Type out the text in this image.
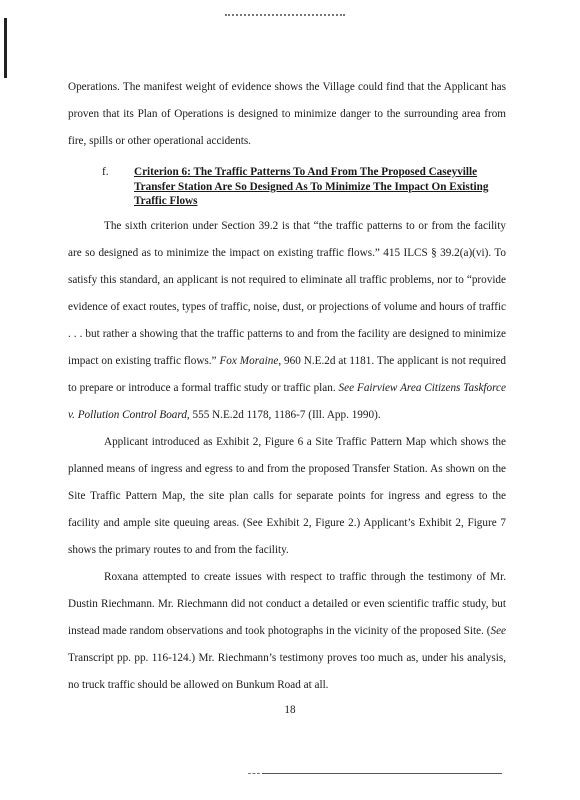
Operations. The manifest weight of evidence shows the Village could find that the Applicant has proven that its Plan of Operations is designed to minimize danger to the surrounding area from fire, spills or other operational accidents.

f. Criterion 6: The Traffic Patterns To And From The Proposed Caseyville Transfer Station Are So Designed As To Minimize The Impact On Existing Traffic Flows

The sixth criterion under Section 39.2 is that “the traffic patterns to or from the facility are so designed as to minimize the impact on existing traffic flows.” 415 ILCS § 39.2(a)(vi). To satisfy this standard, an applicant is not required to eliminate all traffic problems, nor to “provide evidence of exact routes, types of traffic, noise, dust, or projections of volume and hours of traffic . . . but rather a showing that the traffic patterns to and from the facility are designed to minimize impact on existing traffic flows.” Fox Moraine, 960 N.E.2d at 1181. The applicant is not required to prepare or introduce a formal traffic study or traffic plan. See Fairview Area Citizens Taskforce v. Pollution Control Board, 555 N.E.2d 1178, 1186-7 (Ill. App. 1990).

Applicant introduced as Exhibit 2, Figure 6 a Site Traffic Pattern Map which shows the planned means of ingress and egress to and from the proposed Transfer Station. As shown on the Site Traffic Pattern Map, the site plan calls for separate points for ingress and egress to the facility and ample site queuing areas. (See Exhibit 2, Figure 2.) Applicant’s Exhibit 2, Figure 7 shows the primary routes to and from the facility.

Roxana attempted to create issues with respect to traffic through the testimony of Mr. Dustin Riechmann. Mr. Riechmann did not conduct a detailed or even scientific traffic study, but instead made random observations and took photographs in the vicinity of the proposed Site. (See Transcript pp. pp. 116-124.) Mr. Riechmann’s testimony proves too much as, under his analysis, no truck traffic should be allowed on Bunkum Road at all.

18
